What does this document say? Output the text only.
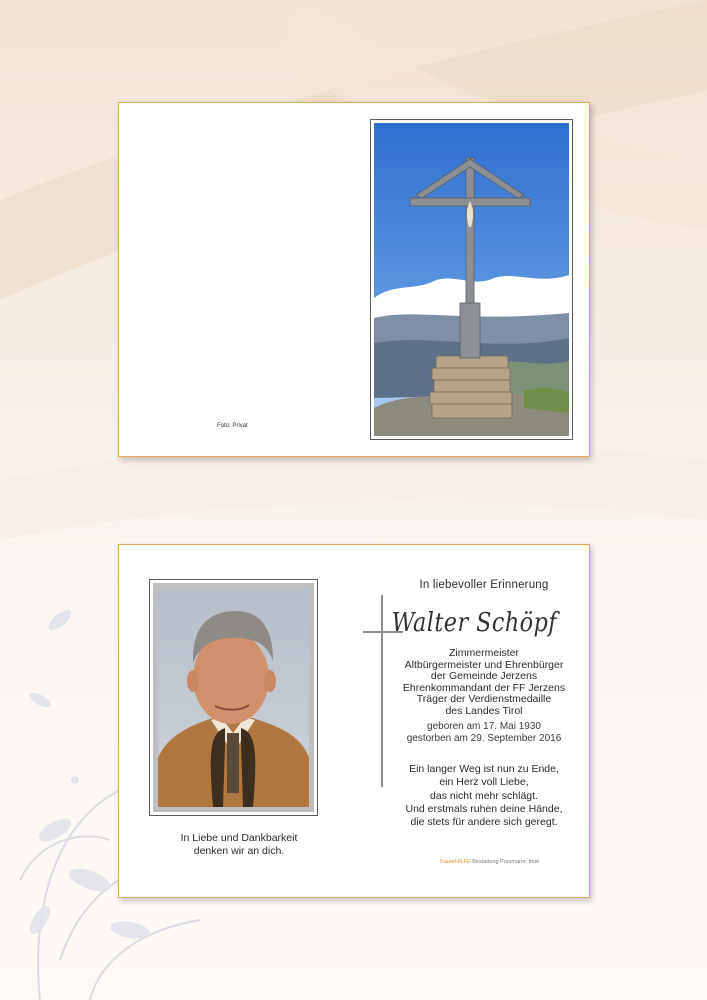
Foto: Privat
In Liebe und Dankbarkeit
denken wir an dich.
In liebevoller Erinnerung
Walter Schöpf
Zimmermeister
Altbürgermeister und Ehrenbürger
der Gemeinde Jerzens
Ehrenkommandant der FF Jerzens
Träger der Verdienstmedaille
des Landes Tirol
geboren am 17. Mai 1930
gestorben am 29. September 2016
Ein langer Weg ist nun zu Ende,
ein Herz voll Liebe,
das nicht mehr schlägt.
Und erstmals ruhen deine Hände,
die stets für andere sich geregt.
TrauerHILFE Bestattung Praxmarer, Imst
